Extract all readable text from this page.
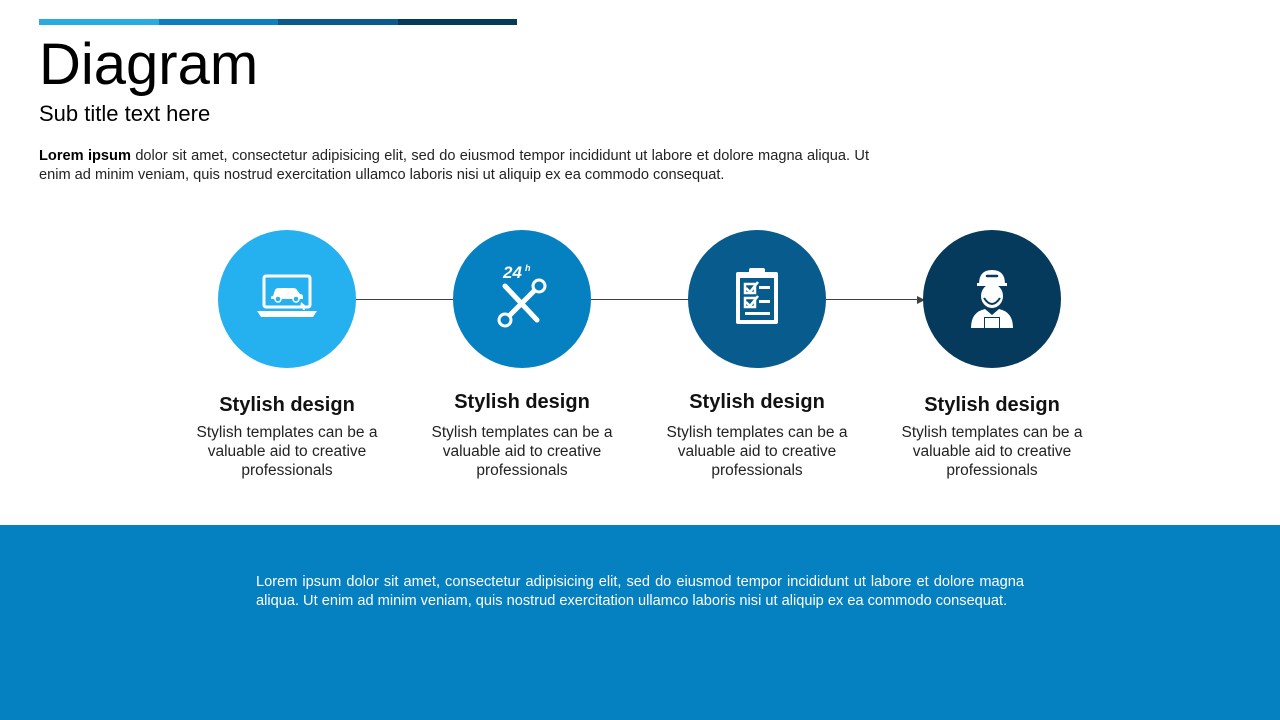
Diagram
Sub title text here
Lorem ipsum dolor sit amet, consectetur adipisicing elit, sed do eiusmod tempor incididunt ut labore et dolore magna aliqua. Ut enim ad minim veniam, quis nostrud exercitation ullamco laboris nisi ut aliquip ex ea commodo consequat.
Stylish design
Stylish templates can be a valuable aid to creative professionals
24 h
Stylish design
Stylish templates can be a valuable aid to creative professionals
Stylish design
Stylish templates can be a valuable aid to creative professionals
Stylish design
Stylish templates can be a valuable aid to creative professionals
Lorem ipsum dolor sit amet, consectetur adipisicing elit, sed do eiusmod tempor incididunt ut labore et dolore magna aliqua. Ut enim ad minim veniam, quis nostrud exercitation ullamco laboris nisi ut aliquip ex ea commodo consequat.
